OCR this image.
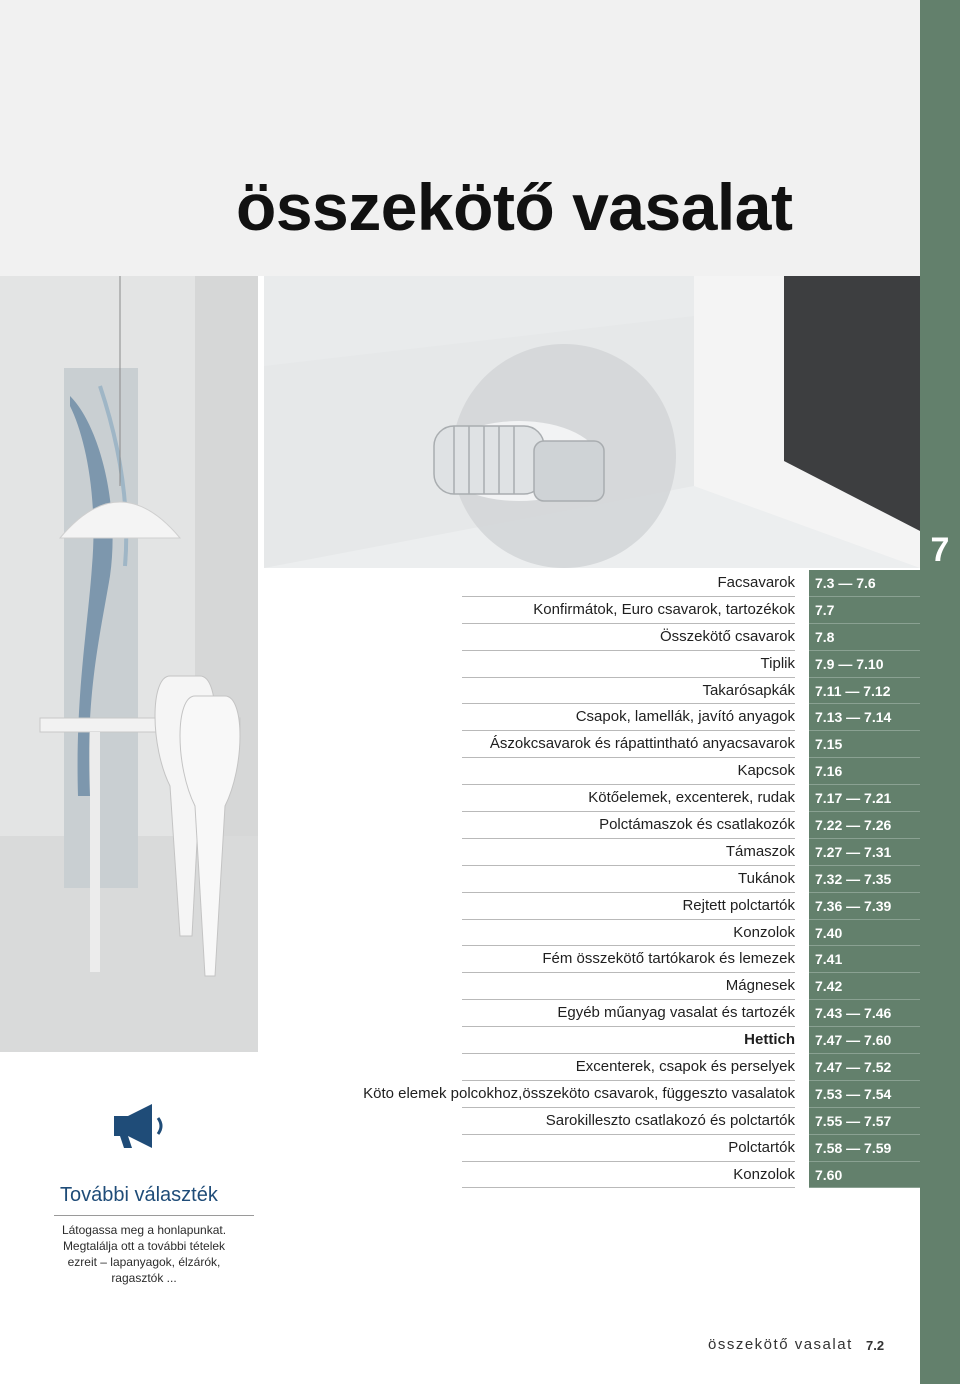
7
összekötő vasalat
Facsavarok	7.3 — 7.6
Konfirmátok, Euro csavarok, tartozékok	7.7
Összekötő csavarok	7.8
Tiplik	7.9 — 7.10
Takarósapkák	7.11 — 7.12
Csapok, lamellák, javító anyagok	7.13 — 7.14
Ászokcsavarok és rápattintható anyacsavarok	7.15
Kapcsok	7.16
Kötőelemek, excenterek, rudak	7.17 — 7.21
Polctámaszok és csatlakozók	7.22 — 7.26
Támaszok	7.27 — 7.31
Tukánok	7.32 — 7.35
Rejtett polctartók	7.36 — 7.39
Konzolok	7.40
Fém összekötő tartókarok és lemezek	7.41
Mágnesek	7.42
Egyéb műanyag vasalat és tartozék	7.43 — 7.46
Hettich	7.47 — 7.60
Excenterek, csapok és perselyek	7.47 — 7.52
Köto elemek polcokhoz,összeköto csavarok, függeszto vasalatok	7.53 — 7.54
Sarokilleszto csatlakozó és polctartók	7.55 — 7.57
Polctartók	7.58 — 7.59
Konzolok	7.60
További választék
Látogassa meg a honlapunkat. Megtalálja ott a további tételek ezreit – lapanyagok, élzárók, ragasztók ...
összekötő vasalat 7.2
